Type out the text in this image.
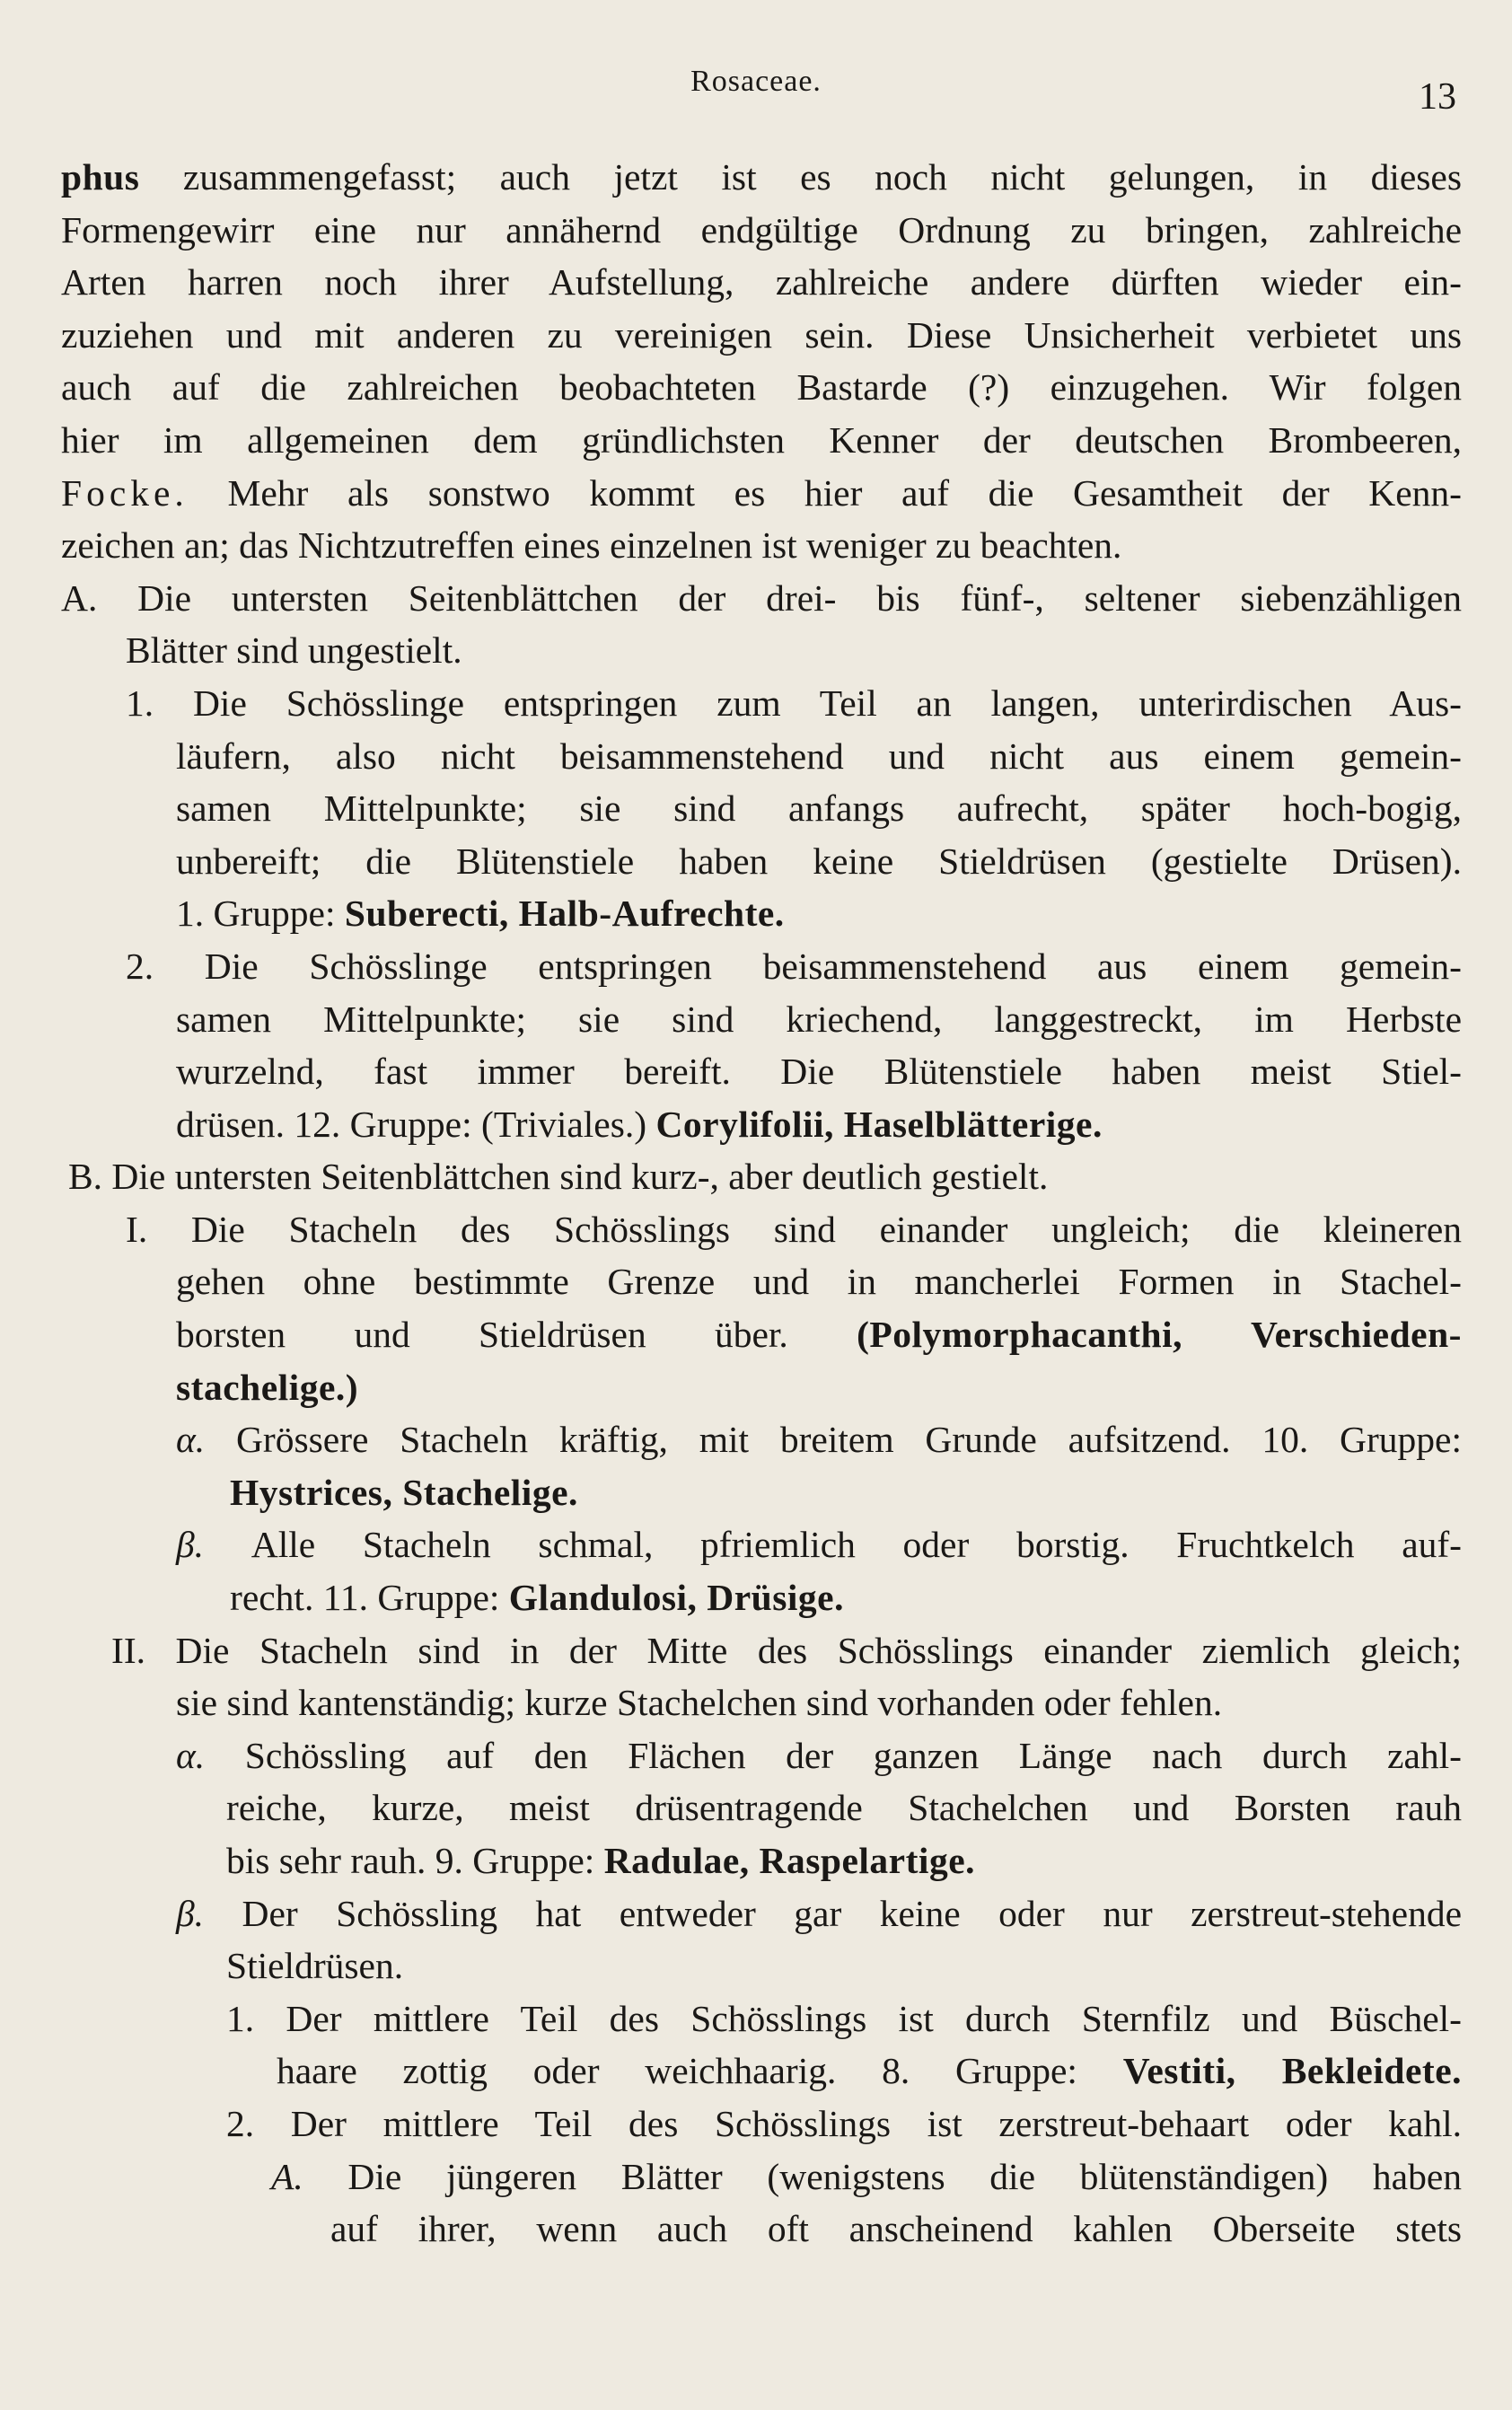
Rosaceae.	13
phus zusammengefasst; auch jetzt ist es noch nicht gelungen, in dieses
Formengewirr eine nur annähernd endgültige Ordnung zu bringen, zahlreiche
Arten harren noch ihrer Aufstellung, zahlreiche andere dürften wieder ein-
zuziehen und mit anderen zu vereinigen sein. Diese Unsicherheit verbietet uns
auch auf die zahlreichen beobachteten Bastarde (?) einzugehen. Wir folgen
hier im allgemeinen dem gründlichsten Kenner der deutschen Brombeeren,
Focke. Mehr als sonstwo kommt es hier auf die Gesamtheit der Kenn-
zeichen an; das Nichtzutreffen eines einzelnen ist weniger zu beachten.
A. Die untersten Seitenblättchen der drei- bis fünf-, seltener siebenzähligen
Blätter sind ungestielt.
1. Die Schösslinge entspringen zum Teil an langen, unterirdischen Aus-
läufern, also nicht beisammenstehend und nicht aus einem gemein-
samen Mittelpunkte; sie sind anfangs aufrecht, später hoch-bogig,
unbereift; die Blütenstiele haben keine Stieldrüsen (gestielte Drüsen).
1. Gruppe: Suberecti, Halb-Aufrechte.
2. Die Schösslinge entspringen beisammenstehend aus einem gemein-
samen Mittelpunkte; sie sind kriechend, langgestreckt, im Herbste
wurzelnd, fast immer bereift. Die Blütenstiele haben meist Stiel-
drüsen. 12. Gruppe: (Triviales.) Corylifolii, Haselblätterige.
B. Die untersten Seitenblättchen sind kurz-, aber deutlich gestielt.
I. Die Stacheln des Schösslings sind einander ungleich; die kleineren
gehen ohne bestimmte Grenze und in mancherlei Formen in Stachel-
borsten und Stieldrüsen über. (Polymorphacanthi, Verschieden-
stachelige.)
α. Grössere Stacheln kräftig, mit breitem Grunde aufsitzend. 10. Gruppe:
Hystrices, Stachelige.
β. Alle Stacheln schmal, pfriemlich oder borstig. Fruchtkelch auf-
recht. 11. Gruppe: Glandulosi, Drüsige.
II. Die Stacheln sind in der Mitte des Schösslings einander ziemlich gleich;
sie sind kantenständig; kurze Stachelchen sind vorhanden oder fehlen.
α. Schössling auf den Flächen der ganzen Länge nach durch zahl-
reiche, kurze, meist drüsentragende Stachelchen und Borsten rauh
bis sehr rauh. 9. Gruppe: Radulae, Raspelartige.
β. Der Schössling hat entweder gar keine oder nur zerstreut-stehende
Stieldrüsen.
1. Der mittlere Teil des Schösslings ist durch Sternfilz und Büschel-
haare zottig oder weichhaarig. 8. Gruppe: Vestiti, Bekleidete.
2. Der mittlere Teil des Schösslings ist zerstreut-behaart oder kahl.
A. Die jüngeren Blätter (wenigstens die blütenständigen) haben
auf ihrer, wenn auch oft anscheinend kahlen Oberseite stets
